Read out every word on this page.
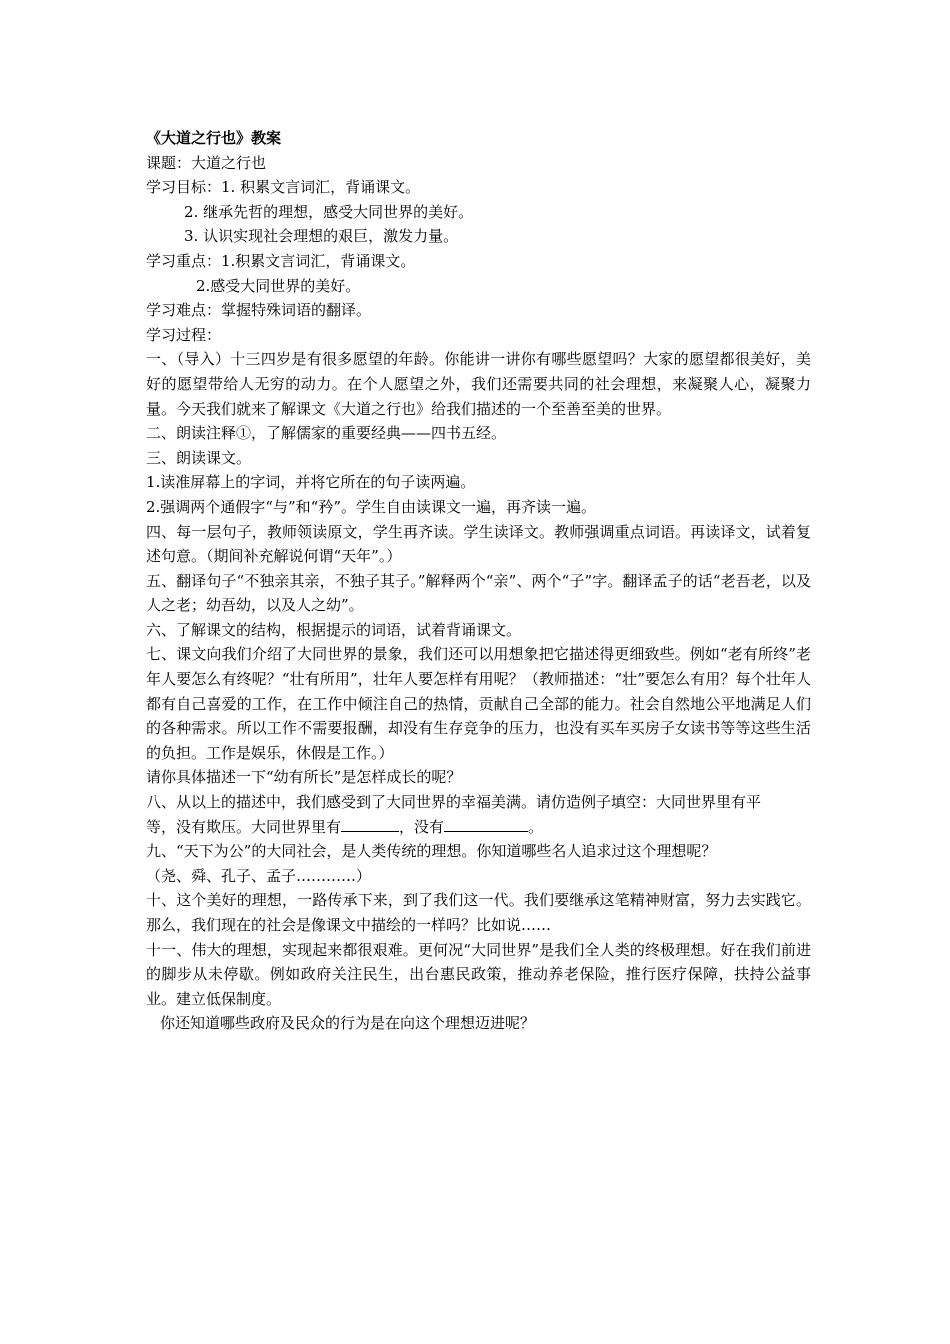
《大道之行也》教案

课题：大道之行也

学习目标：1. 积累文言词汇，背诵课文。

2. 继承先哲的理想，感受大同世界的美好。

3. 认识实现社会理想的艰巨，激发力量。

学习重点：1.积累文言词汇，背诵课文。

2.感受大同世界的美好。

学习难点：掌握特殊词语的翻译。

学习过程：

一、（导入）十三四岁是有很多愿望的年龄。你能讲一讲你有哪些愿望吗？大家的愿望都很美好，美好的愿望带给人无穷的动力。在个人愿望之外，我们还需要共同的社会理想，来凝聚人心，凝聚力量。今天我们就来了解课文《大道之行也》给我们描述的一个至善至美的世界。

二、朗读注释①，了解儒家的重要经典——四书五经。

三、朗读课文。

1.读准屏幕上的字词，并将它所在的句子读两遍。

2.强调两个通假字“与”和“矜”。学生自由读课文一遍，再齐读一遍。

四、每一层句子，教师领读原文，学生再齐读。学生读译文。教师强调重点词语。再读译文，试着复述句意。（期间补充解说何谓“天年”。）

五、翻译句子“不独亲其亲，不独子其子。”解释两个“亲”、两个“子”字。翻译孟子的话“老吾老，以及人之老；幼吾幼，以及人之幼”。

六、了解课文的结构，根据提示的词语，试着背诵课文。

七、课文向我们介绍了大同世界的景象，我们还可以用想象把它描述得更细致些。例如“老有所终”老年人要怎么有终呢？“壮有所用”，壮年人要怎样有用呢？（教师描述：“壮”要怎么有用？每个壮年人都有自己喜爱的工作，在工作中倾注自己的热情，贡献自己全部的能力。社会自然地公平地满足人们的各种需求。所以工作不需要报酬，却没有生存竞争的压力，也没有买车买房子女读书等等这些生活的负担。工作是娱乐，休假是工作。）

请你具体描述一下“幼有所长”是怎样成长的呢？

八、从以上的描述中，我们感受到了大同世界的幸福美满。请仿造例子填空：大同世界里有平

等，没有欺压。大同世界里有	，没有	。

九、“天下为公”的大同社会，是人类传统的理想。你知道哪些名人追求过这个理想呢？

（尧、舜、孔子、孟子…………）

十、这个美好的理想，一路传承下来，到了我们这一代。我们要继承这笔精神财富，努力去实践它。那么，我们现在的社会是像课文中描绘的一样吗？比如说……

十一、伟大的理想，实现起来都很艰难。更何况“大同世界”是我们全人类的终极理想。好在我们前进的脚步从未停歇。例如政府关注民生，出台惠民政策，推动养老保险，推行医疗保障，扶持公益事业。建立低保制度。

你还知道哪些政府及民众的行为是在向这个理想迈进呢？
